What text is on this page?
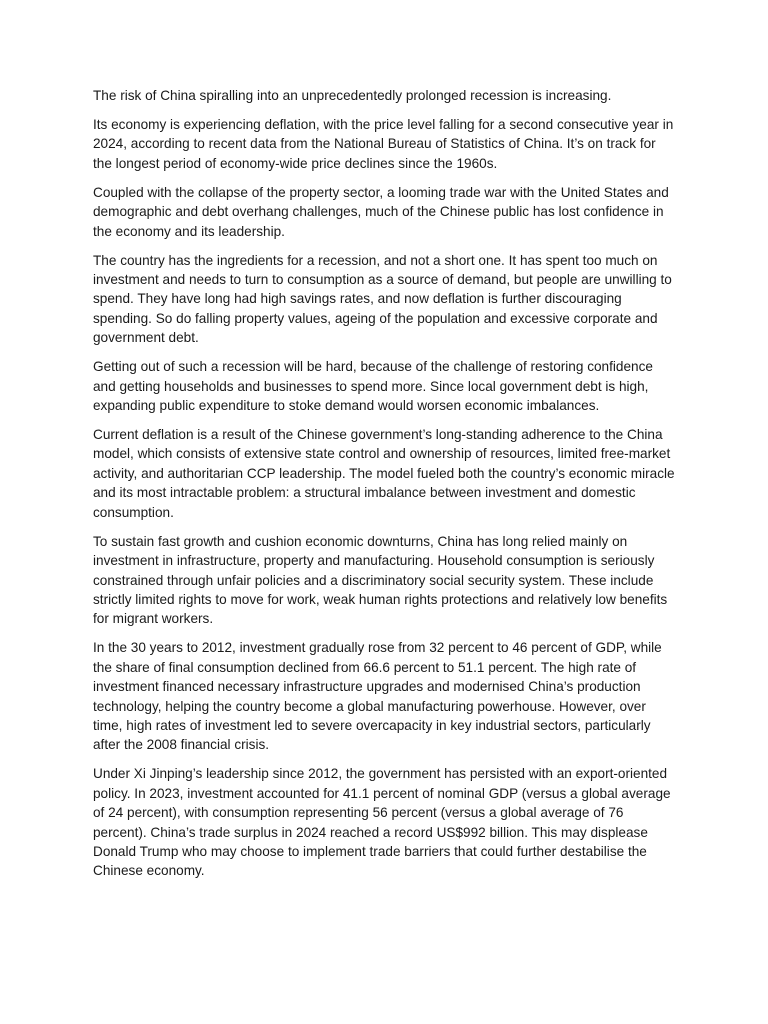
The risk of China spiralling into an unprecedentedly prolonged recession is increasing.

Its economy is experiencing deflation, with the price level falling for a second consecutive year in 2024, according to recent data from the National Bureau of Statistics of China. It’s on track for the longest period of economy-wide price declines since the 1960s.

Coupled with the collapse of the property sector, a looming trade war with the United States and demographic and debt overhang challenges, much of the Chinese public has lost confidence in the economy and its leadership.

The country has the ingredients for a recession, and not a short one. It has spent too much on investment and needs to turn to consumption as a source of demand, but people are unwilling to spend. They have long had high savings rates, and now deflation is further discouraging spending. So do falling property values, ageing of the population and excessive corporate and government debt.

Getting out of such a recession will be hard, because of the challenge of restoring confidence and getting households and businesses to spend more. Since local government debt is high, expanding public expenditure to stoke demand would worsen economic imbalances.

Current deflation is a result of the Chinese government’s long-standing adherence to the China model, which consists of extensive state control and ownership of resources, limited free-market activity, and authoritarian CCP leadership. The model fueled both the country’s economic miracle and its most intractable problem: a structural imbalance between investment and domestic consumption.

To sustain fast growth and cushion economic downturns, China has long relied mainly on investment in infrastructure, property and manufacturing. Household consumption is seriously constrained through unfair policies and a discriminatory social security system. These include strictly limited rights to move for work, weak human rights protections and relatively low benefits for migrant workers.

In the 30 years to 2012, investment gradually rose from 32 percent to 46 percent of GDP, while the share of final consumption declined from 66.6 percent to 51.1 percent. The high rate of investment financed necessary infrastructure upgrades and modernised China’s production technology, helping the country become a global manufacturing powerhouse. However, over time, high rates of investment led to severe overcapacity in key industrial sectors, particularly after the 2008 financial crisis.

Under Xi Jinping’s leadership since 2012, the government has persisted with an export-oriented policy. In 2023, investment accounted for 41.1 percent of nominal GDP (versus a global average of 24 percent), with consumption representing 56 percent (versus a global average of 76 percent). China’s trade surplus in 2024 reached a record US$992 billion. This may displease Donald Trump who may choose to implement trade barriers that could further destabilise the Chinese economy.
